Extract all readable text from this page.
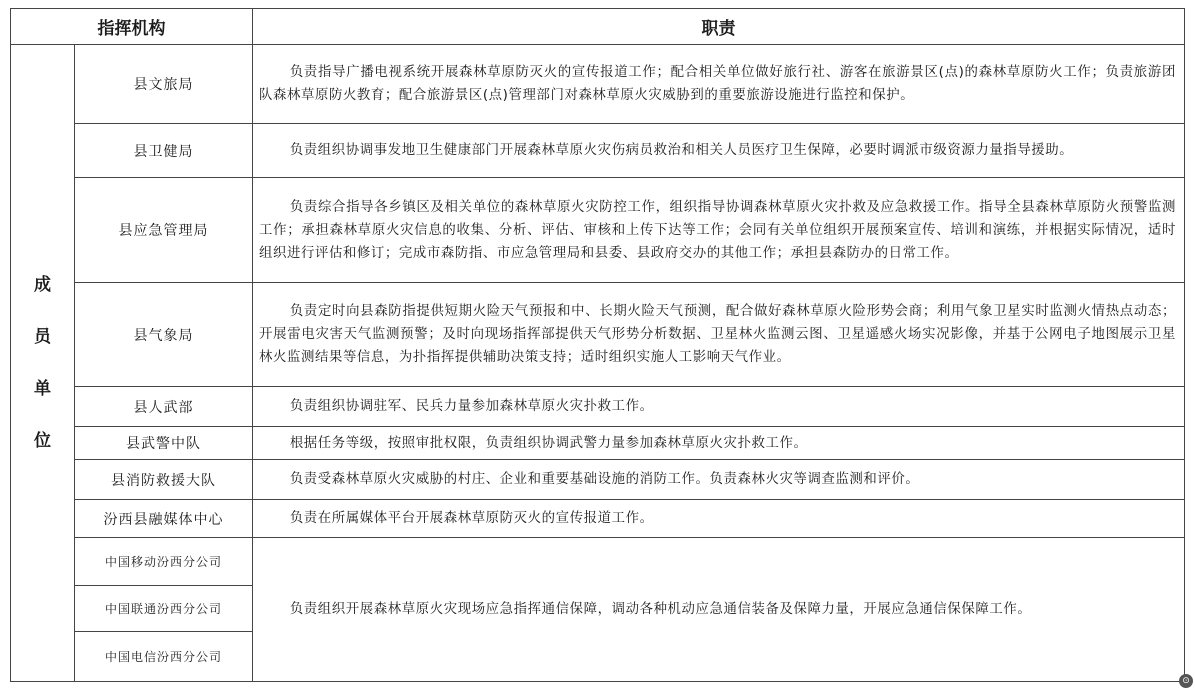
指挥机构		职责

成
员
单
位	县文旅局	负责指导广播电视系统开展森林草原防灭火的宣传报道工作；配合相关单位做好旅行社、游客在旅游景区(点)的森林草原防火工作；负责旅游团队森林草原防火教育；配合旅游景区(点)管理部门对森林草原火灾威胁到的重要旅游设施进行监控和保护。
	县卫健局	负责组织协调事发地卫生健康部门开展森林草原火灾伤病员救治和相关人员医疗卫生保障，必要时调派市级资源力量指导援助。
	县应急管理局	负责综合指导各乡镇区及相关单位的森林草原火灾防控工作，组织指导协调森林草原火灾扑救及应急救援工作。指导全县森林草原防火预警监测工作；承担森林草原火灾信息的收集、分析、评估、审核和上传下达等工作；会同有关单位组织开展预案宣传、培训和演练，并根据实际情况，适时组织进行评估和修订；完成市森防指、市应急管理局和县委、县政府交办的其他工作；承担县森防办的日常工作。
	县气象局	负责定时向县森防指提供短期火险天气预报和中、长期火险天气预测，配合做好森林草原火险形势会商；利用气象卫星实时监测火情热点动态；开展雷电灾害天气监测预警；及时向现场指挥部提供天气形势分析数据、卫星林火监测云图、卫星遥感火场实况影像，并基于公网电子地图展示卫星林火监测结果等信息，为扑指挥提供辅助决策支持；适时组织实施人工影响天气作业。
	县人武部	负责组织协调驻军、民兵力量参加森林草原火灾扑救工作。
	县武警中队	根据任务等级，按照审批权限，负责组织协调武警力量参加森林草原火灾扑救工作。
	县消防救援大队	负责受森林草原火灾威胁的村庄、企业和重要基础设施的消防工作。负责森林火灾等调查监测和评价。
	汾西县融媒体中心	负责在所属媒体平台开展森林草原防灭火的宣传报道工作。
	中国移动汾西分公司	负责组织开展森林草原火灾现场应急指挥通信保障，调动各种机动应急通信装备及保障力量，开展应急通信保保障工作。
	中国联通汾西分公司	
	中国电信汾西分公司	
⊙
